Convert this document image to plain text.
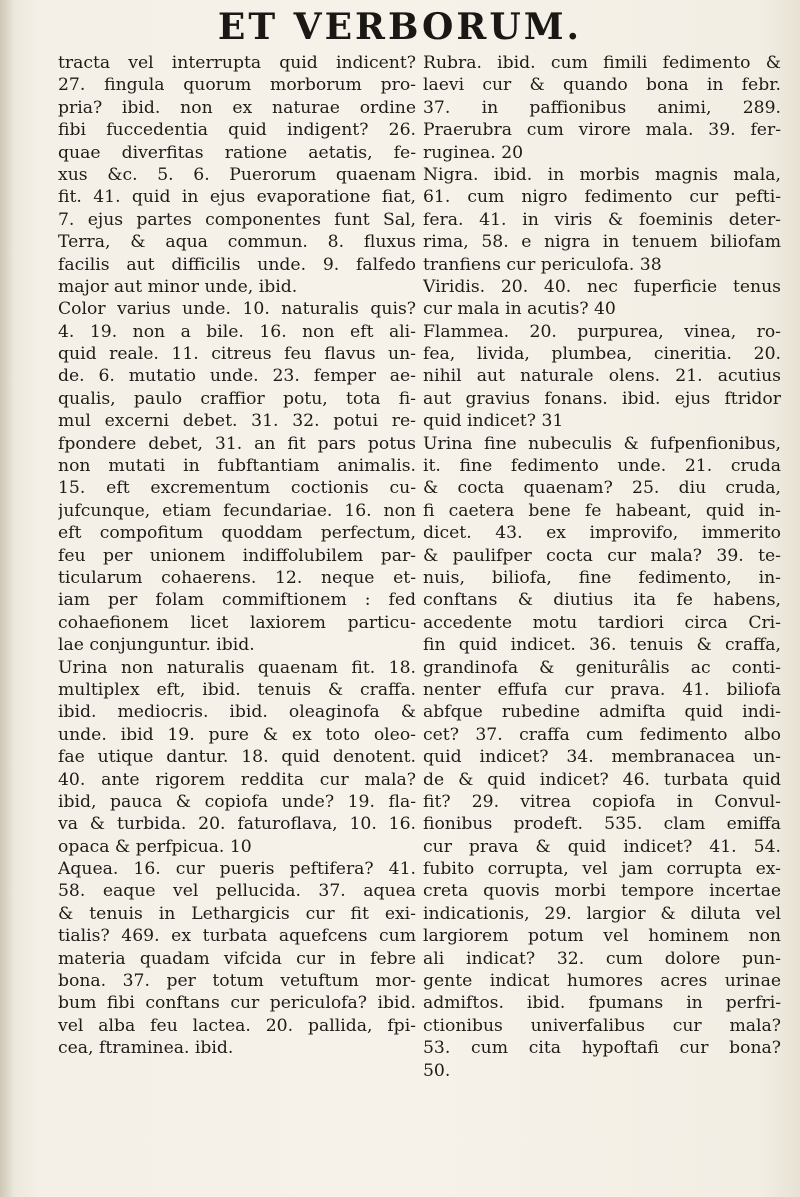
ET VERBORUM.
tracta vel interrupta quid indicent?
27. fingula quorum morborum pro-
pria? ibid. non ex naturae ordine
fibi fuccedentia quid indigent? 26.
quae diverfitas ratione aetatis, fe-
xus &c. 5. 6. Puerorum quaenam
fit. 41. quid in ejus evaporatione fiat,
7. ejus partes componentes funt Sal,
Terra, & aqua commun. 8. fluxus
facilis aut difficilis unde. 9. falfedo
major aut minor unde, ibid.
Color varius unde. 10. naturalis quis?
4. 19. non a bile. 16. non eft ali-
quid reale. 11. citreus feu flavus un-
de. 6. mutatio unde. 23. femper ae-
qualis, paulo craffior potu, tota fi-
mul excerni debet. 31. 32. potui re-
fpondere debet, 31. an fit pars potus
non mutati in fubftantiam animalis.
15. eft excrementum coctionis cu-
jufcunque, etiam fecundariae. 16. non
eft compofitum quoddam perfectum,
feu per unionem indiffolubilem par-
ticularum cohaerens. 12. neque et-
iam per folam commiftionem : fed
cohaefionem licet laxiorem particu-
lae conjunguntur. ibid.
Urina non naturalis quaenam fit. 18.
multiplex eft, ibid. tenuis & craffa.
ibid. mediocris. ibid. oleaginofa &
unde. ibid 19. pure & ex toto oleo-
fae utique dantur. 18. quid denotent.
40. ante rigorem reddita cur mala?
ibid, pauca & copiofa unde? 19. fla-
va & turbida. 20. faturoflava, 10. 16.
opaca & perfpicua. 10
Aquea. 16. cur pueris peftifera? 41.
58. eaque vel pellucida. 37. aquea
& tenuis in Lethargicis cur fit exi-
tialis? 469. ex turbata aquefcens cum
materia quadam vifcida cur in febre
bona. 37. per totum vetuftum mor-
bum fibi conftans cur periculofa? ibid.
vel alba feu lactea. 20. pallida, fpi-
cea, ftraminea. ibid.
Rubra. ibid. cum fimili fedimento &
laevi cur & quando bona in febr.
37. in paffionibus animi, 289.
Praerubra cum virore mala. 39. fer-
ruginea. 20
Nigra. ibid. in morbis magnis mala,
61. cum nigro fedimento cur pefti-
fera. 41. in viris & foeminis deter-
rima, 58. e nigra in tenuem biliofam
tranfiens cur periculofa. 38
Viridis. 20. 40. nec fuperficie tenus
cur mala in acutis? 40
Flammea. 20. purpurea, vinea, ro-
fea, livida, plumbea, cineritia. 20.
nihil aut naturale olens. 21. acutius
aut gravius fonans. ibid. ejus ftridor
quid indicet? 31
Urina fine nubeculis & fufpenfionibus,
it. fine fedimento unde. 21. cruda
& cocta quaenam? 25. diu cruda,
fi caetera bene fe habeant, quid in-
dicet. 43. ex improvifo, immerito
& paulifper cocta cur mala? 39. te-
nuis, biliofa, fine fedimento, in-
conftans & diutius ita fe habens,
accedente motu tardiori circa Cri-
fin quid indicet. 36. tenuis & craffa,
grandinofa & geniturâlis ac conti-
nenter effufa cur prava. 41. biliofa
abfque rubedine admifta quid indi-
cet? 37. craffa cum fedimento albo
quid indicet? 34. membranacea un-
de & quid indicet? 46. turbata quid
fit? 29. vitrea copiofa in Convul-
fionibus prodeft. 535. clam emiffa
cur prava & quid indicet? 41. 54.
fubito corrupta, vel jam corrupta ex-
creta quovis morbi tempore incertae
indicationis, 29. largior & diluta vel
largiorem potum vel hominem non
ali indicat? 32. cum dolore pun-
gente indicat humores acres urinae
admiftos. ibid. fpumans in perfri-
ctionibus univerfalibus cur mala?
53. cum cita hypoftafi cur bona?
50.
